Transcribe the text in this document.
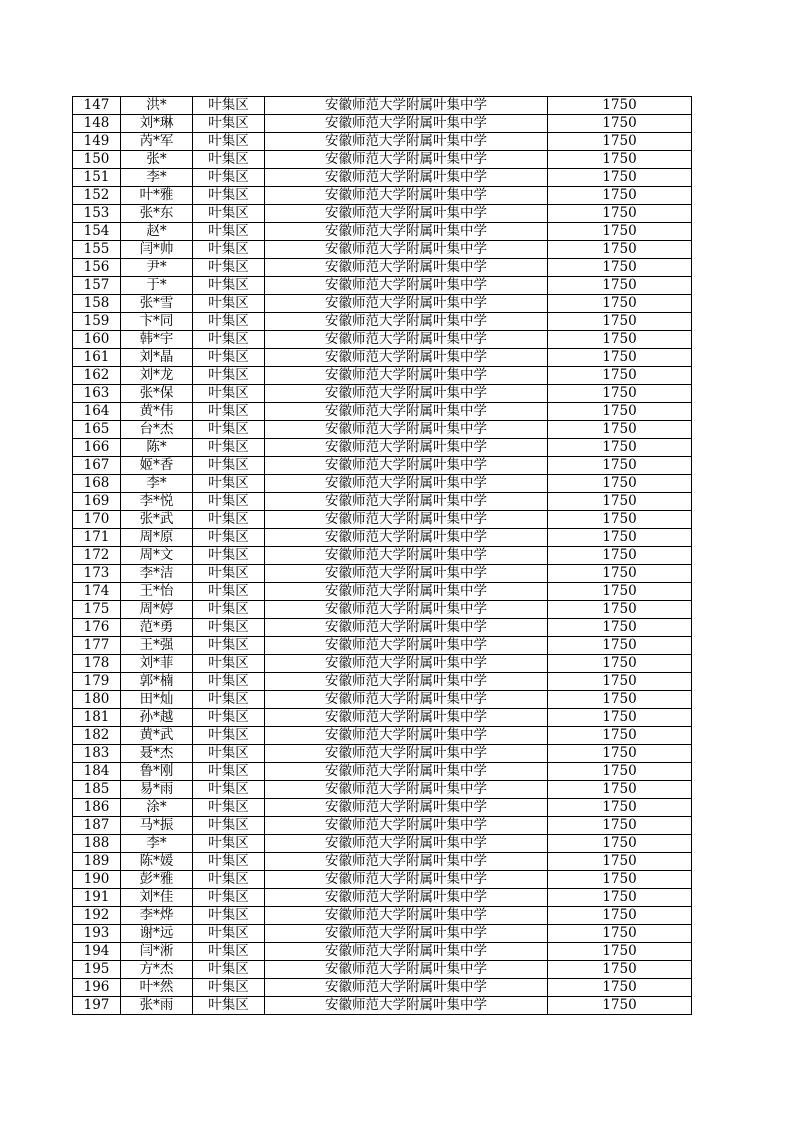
147	洪*	叶集区	安徽师范大学附属叶集中学	1750
148	刘*琳	叶集区	安徽师范大学附属叶集中学	1750
149	芮*军	叶集区	安徽师范大学附属叶集中学	1750
150	张*	叶集区	安徽师范大学附属叶集中学	1750
151	李*	叶集区	安徽师范大学附属叶集中学	1750
152	叶*雅	叶集区	安徽师范大学附属叶集中学	1750
153	张*东	叶集区	安徽师范大学附属叶集中学	1750
154	赵*	叶集区	安徽师范大学附属叶集中学	1750
155	闫*帅	叶集区	安徽师范大学附属叶集中学	1750
156	尹*	叶集区	安徽师范大学附属叶集中学	1750
157	于*	叶集区	安徽师范大学附属叶集中学	1750
158	张*雪	叶集区	安徽师范大学附属叶集中学	1750
159	卞*同	叶集区	安徽师范大学附属叶集中学	1750
160	韩*宇	叶集区	安徽师范大学附属叶集中学	1750
161	刘*晶	叶集区	安徽师范大学附属叶集中学	1750
162	刘*龙	叶集区	安徽师范大学附属叶集中学	1750
163	张*保	叶集区	安徽师范大学附属叶集中学	1750
164	黄*伟	叶集区	安徽师范大学附属叶集中学	1750
165	台*杰	叶集区	安徽师范大学附属叶集中学	1750
166	陈*	叶集区	安徽师范大学附属叶集中学	1750
167	姬*香	叶集区	安徽师范大学附属叶集中学	1750
168	李*	叶集区	安徽师范大学附属叶集中学	1750
169	李*悦	叶集区	安徽师范大学附属叶集中学	1750
170	张*武	叶集区	安徽师范大学附属叶集中学	1750
171	周*原	叶集区	安徽师范大学附属叶集中学	1750
172	周*文	叶集区	安徽师范大学附属叶集中学	1750
173	李*洁	叶集区	安徽师范大学附属叶集中学	1750
174	王*怡	叶集区	安徽师范大学附属叶集中学	1750
175	周*婷	叶集区	安徽师范大学附属叶集中学	1750
176	范*勇	叶集区	安徽师范大学附属叶集中学	1750
177	王*强	叶集区	安徽师范大学附属叶集中学	1750
178	刘*菲	叶集区	安徽师范大学附属叶集中学	1750
179	郭*楠	叶集区	安徽师范大学附属叶集中学	1750
180	田*灿	叶集区	安徽师范大学附属叶集中学	1750
181	孙*越	叶集区	安徽师范大学附属叶集中学	1750
182	黄*武	叶集区	安徽师范大学附属叶集中学	1750
183	聂*杰	叶集区	安徽师范大学附属叶集中学	1750
184	鲁*刚	叶集区	安徽师范大学附属叶集中学	1750
185	易*雨	叶集区	安徽师范大学附属叶集中学	1750
186	涂*	叶集区	安徽师范大学附属叶集中学	1750
187	马*振	叶集区	安徽师范大学附属叶集中学	1750
188	李*	叶集区	安徽师范大学附属叶集中学	1750
189	陈*媛	叶集区	安徽师范大学附属叶集中学	1750
190	彭*雅	叶集区	安徽师范大学附属叶集中学	1750
191	刘*佳	叶集区	安徽师范大学附属叶集中学	1750
192	李*烨	叶集区	安徽师范大学附属叶集中学	1750
193	谢*远	叶集区	安徽师范大学附属叶集中学	1750
194	闫*淅	叶集区	安徽师范大学附属叶集中学	1750
195	方*杰	叶集区	安徽师范大学附属叶集中学	1750
196	叶*然	叶集区	安徽师范大学附属叶集中学	1750
197	张*雨	叶集区	安徽师范大学附属叶集中学	1750
